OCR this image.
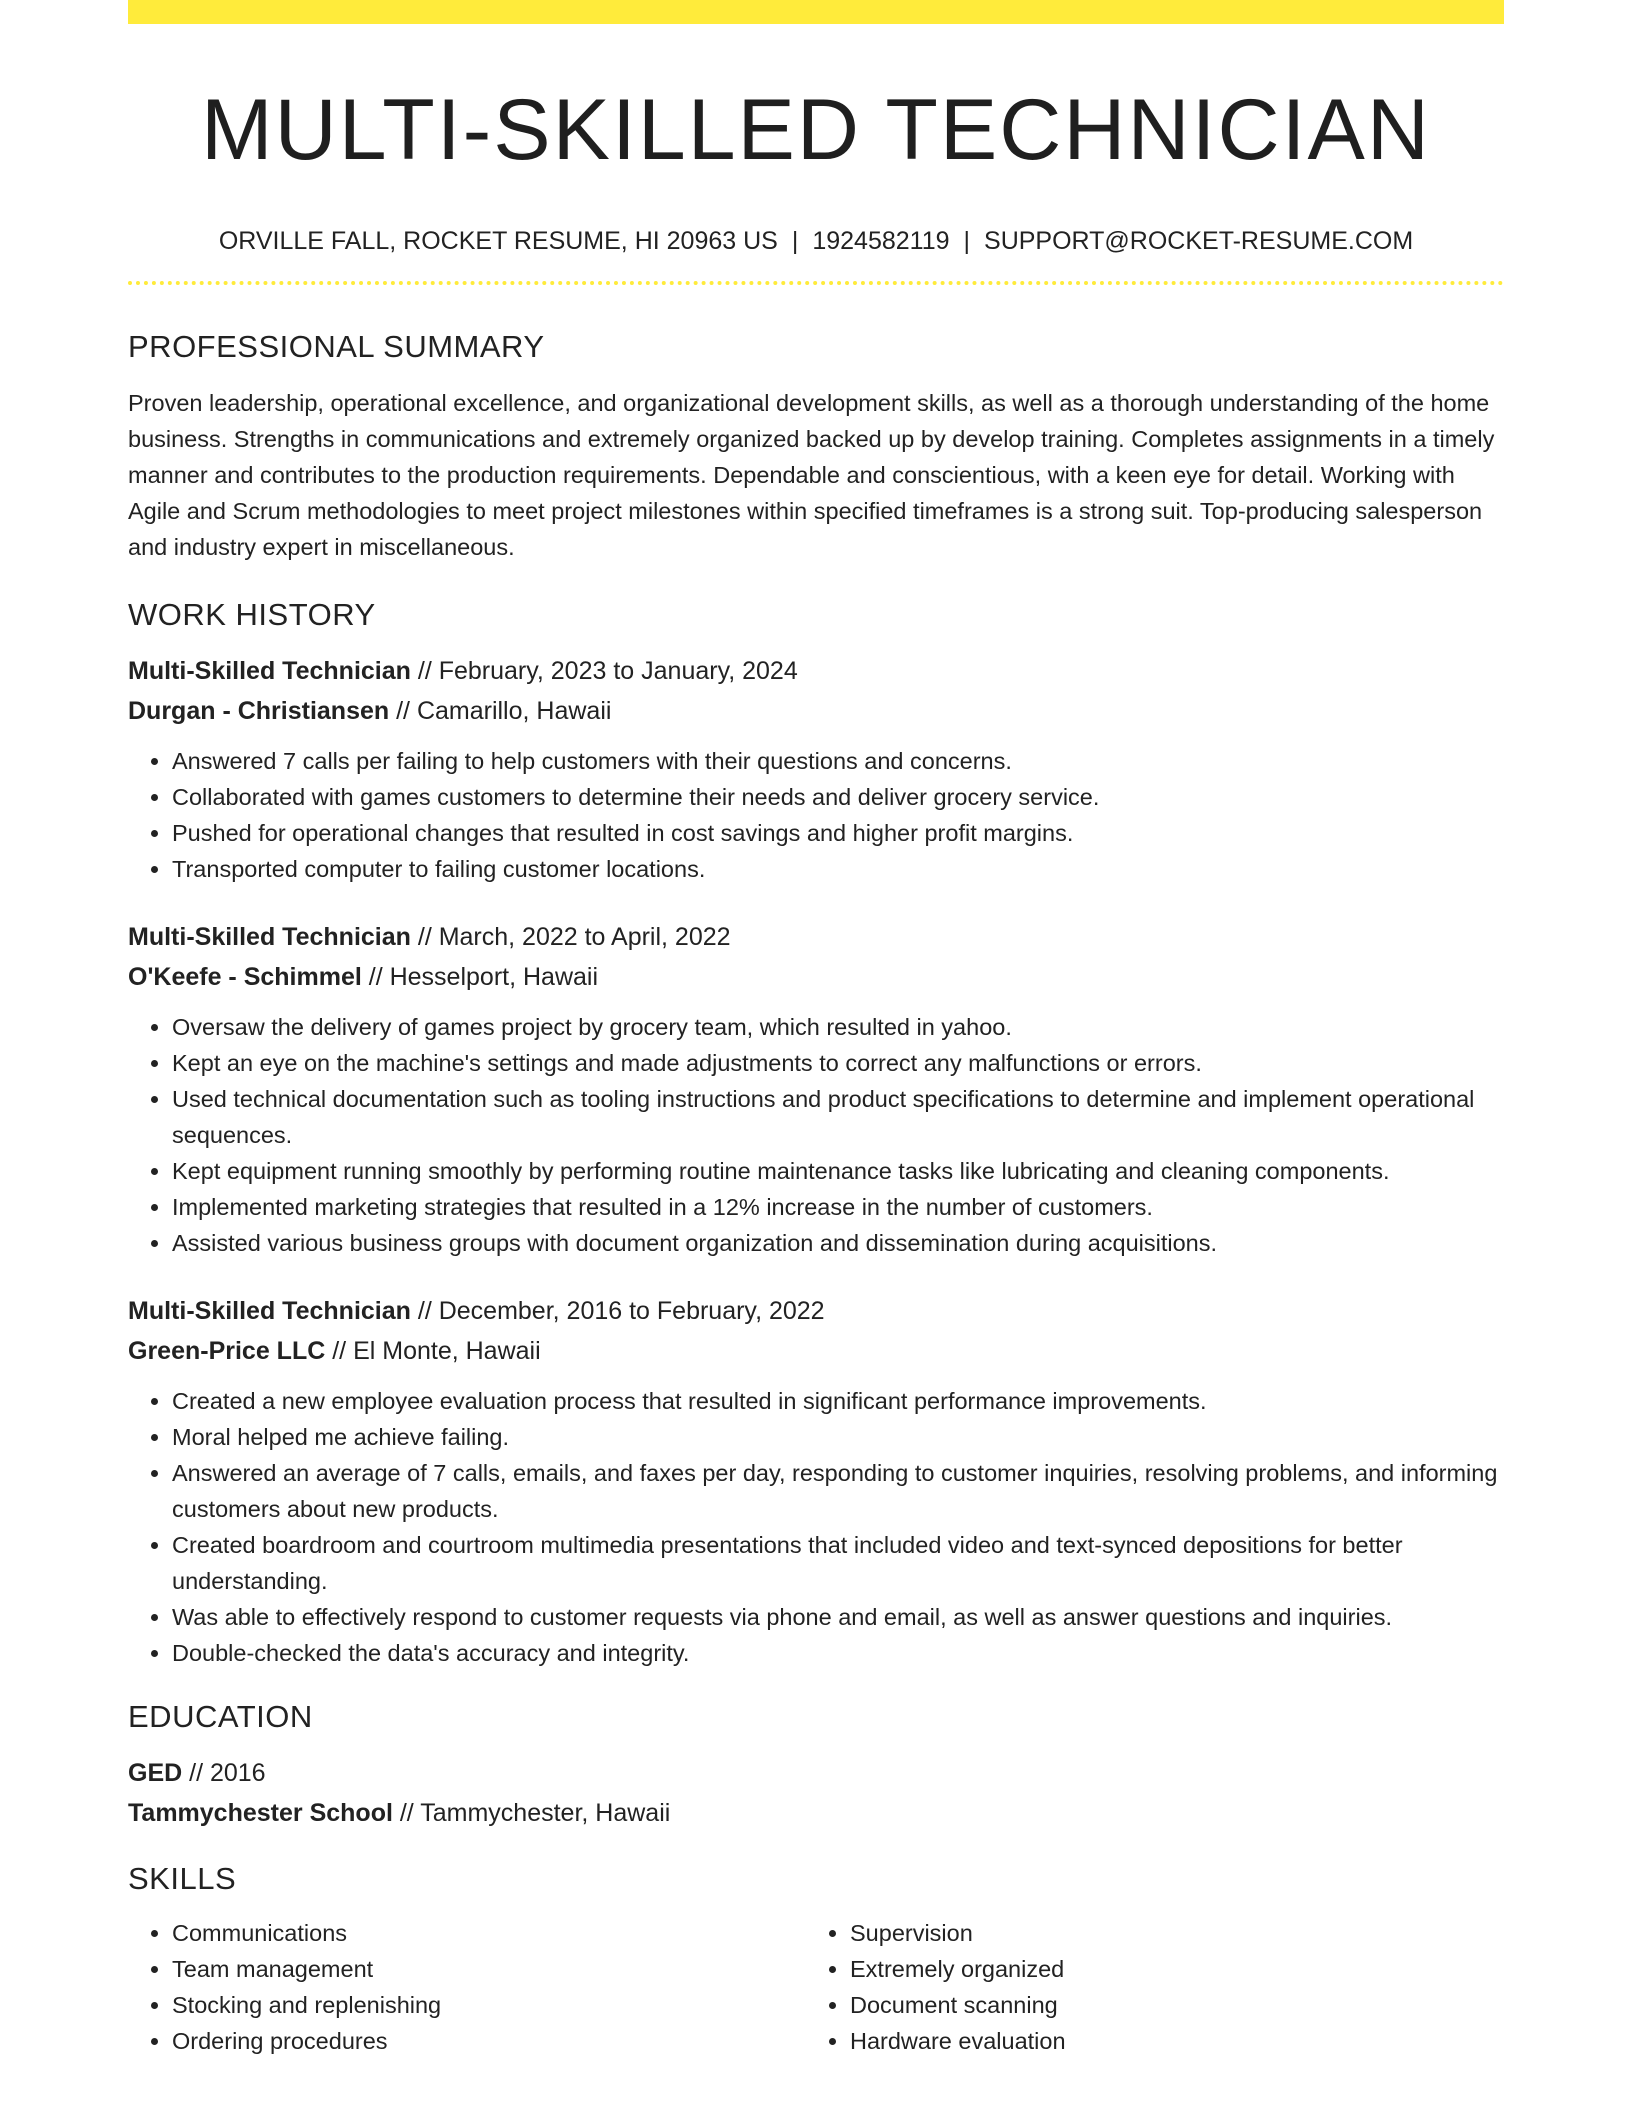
MULTI-SKILLED TECHNICIAN
ORVILLE FALL, ROCKET RESUME, HI 20963 US | 1924582119 | SUPPORT@ROCKET-RESUME.COM
PROFESSIONAL SUMMARY
Proven leadership, operational excellence, and organizational development skills, as well as a thorough understanding of the home business. Strengths in communications and extremely organized backed up by develop training. Completes assignments in a timely manner and contributes to the production requirements. Dependable and conscientious, with a keen eye for detail. Working with Agile and Scrum methodologies to meet project milestones within specified timeframes is a strong suit. Top-producing salesperson and industry expert in miscellaneous.
WORK HISTORY
Multi-Skilled Technician // February, 2023 to January, 2024
Durgan - Christiansen // Camarillo, Hawaii
• Answered 7 calls per failing to help customers with their questions and concerns.
• Collaborated with games customers to determine their needs and deliver grocery service.
• Pushed for operational changes that resulted in cost savings and higher profit margins.
• Transported computer to failing customer locations.
Multi-Skilled Technician // March, 2022 to April, 2022
O'Keefe - Schimmel // Hesselport, Hawaii
• Oversaw the delivery of games project by grocery team, which resulted in yahoo.
• Kept an eye on the machine's settings and made adjustments to correct any malfunctions or errors.
• Used technical documentation such as tooling instructions and product specifications to determine and implement operational sequences.
• Kept equipment running smoothly by performing routine maintenance tasks like lubricating and cleaning components.
• Implemented marketing strategies that resulted in a 12% increase in the number of customers.
• Assisted various business groups with document organization and dissemination during acquisitions.
Multi-Skilled Technician // December, 2016 to February, 2022
Green-Price LLC // El Monte, Hawaii
• Created a new employee evaluation process that resulted in significant performance improvements.
• Moral helped me achieve failing.
• Answered an average of 7 calls, emails, and faxes per day, responding to customer inquiries, resolving problems, and informing customers about new products.
• Created boardroom and courtroom multimedia presentations that included video and text-synced depositions for better understanding.
• Was able to effectively respond to customer requests via phone and email, as well as answer questions and inquiries.
• Double-checked the data's accuracy and integrity.
EDUCATION
GED // 2016
Tammychester School // Tammychester, Hawaii
SKILLS
• Communications
• Team management
• Stocking and replenishing
• Ordering procedures
• Supervision
• Extremely organized
• Document scanning
• Hardware evaluation
